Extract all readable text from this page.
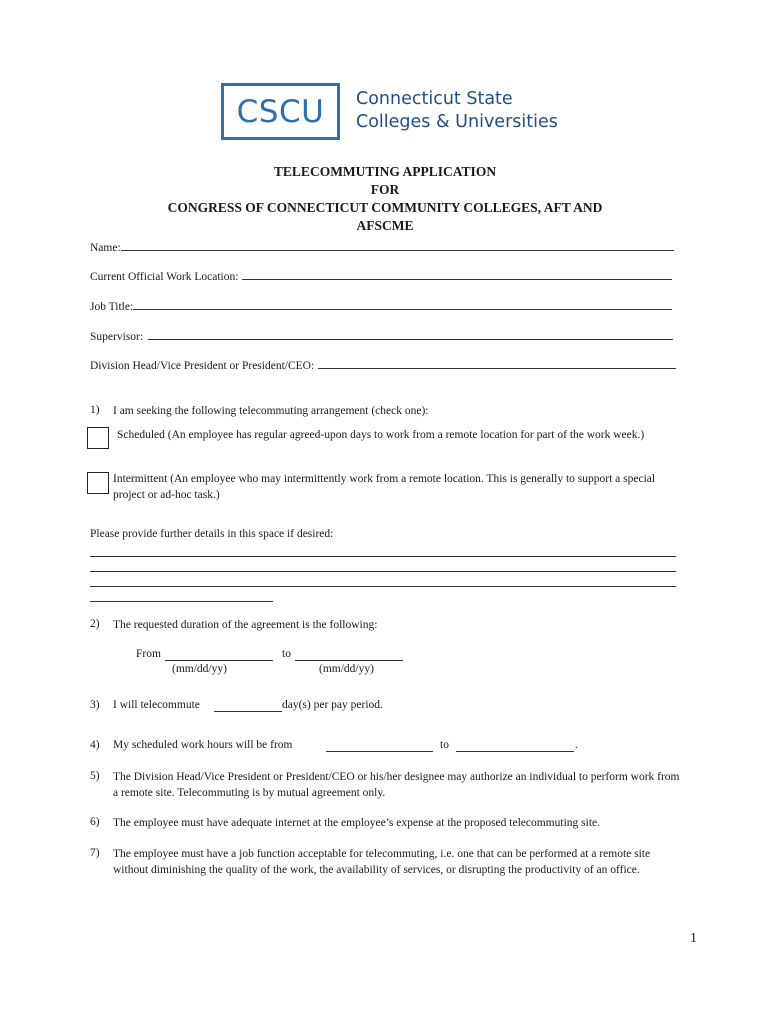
CSCU Connecticut State
Colleges & Universities
TELECOMMUTING APPLICATION
FOR
CONGRESS OF CONNECTICUT COMMUNITY COLLEGES, AFT AND
AFSCME
Name:
Current Official Work Location:
Job Title:
Supervisor:
Division Head/Vice President or President/CEO:
1) I am seeking the following telecommuting arrangement (check one):
Scheduled (An employee has regular agreed-upon days to work from a remote location for part of the work week.)
Intermittent (An employee who may intermittently work from a remote location. This is generally to support a special project or ad-hoc task.)
Please provide further details in this space if desired:
2) The requested duration of the agreement is the following:
From	to
(mm/dd/yy)	(mm/dd/yy)
3) I will telecommute	day(s) per pay period.
4) My scheduled work hours will be from	to	.
5) The Division Head/Vice President or President/CEO or his/her designee may authorize an individual to perform work from a remote site. Telecommuting is by mutual agreement only.
6) The employee must have adequate internet at the employee’s expense at the proposed telecommuting site.
7) The employee must have a job function acceptable for telecommuting, i.e. one that can be performed at a remote site without diminishing the quality of the work, the availability of services, or disrupting the productivity of an office.
1
